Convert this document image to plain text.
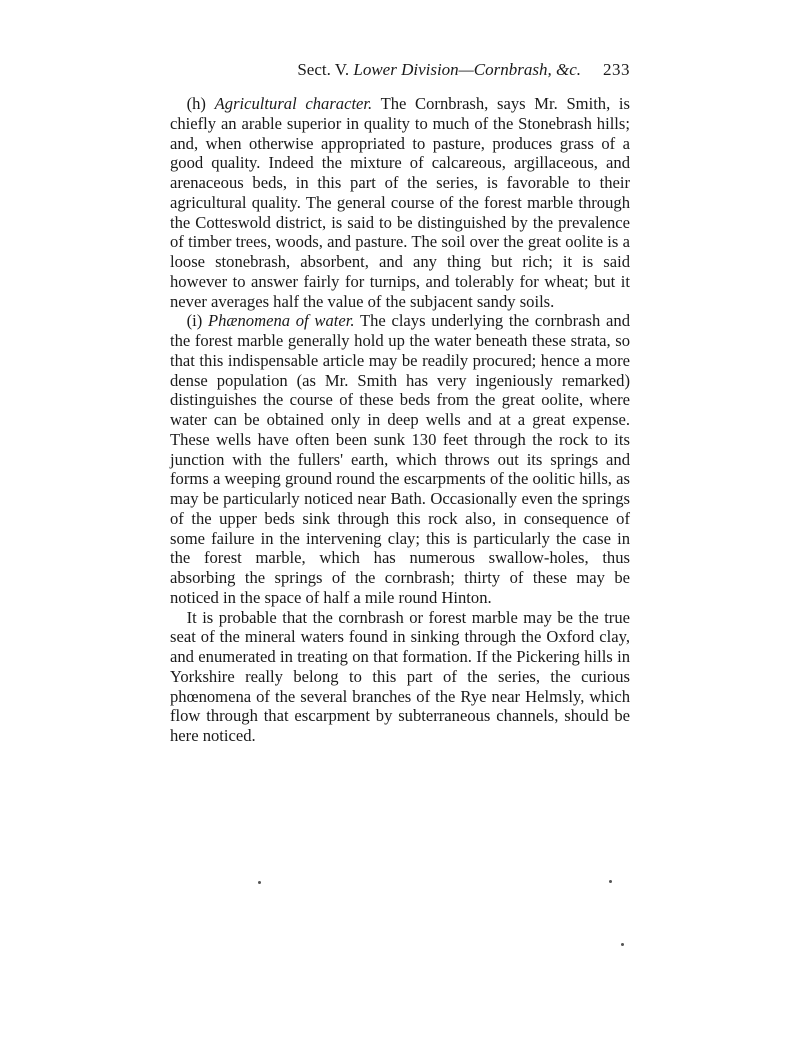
Sect. V. Lower Division—Cornbrash, &c. 233

 (h) Agricultural character. The Cornbrash, says Mr. Smith, is chiefly an arable superior in quality to much of the Stonebrash hills; and, when otherwise appropriated to pasture, produces grass of a good quality. Indeed the mixture of calcareous, argillaceous, and arenaceous beds, in this part of the series, is favorable to their agricultural quality. The general course of the forest marble through the Cotteswold district, is said to be distinguished by the prevalence of timber trees, woods, and pasture. The soil over the great oolite is a loose stonebrash, absorbent, and any thing but rich; it is said however to answer fairly for turnips, and tolerably for wheat; but it never averages half the value of the subjacent sandy soils.

 (i) Phænomena of water. The clays underlying the cornbrash and the forest marble generally hold up the water beneath these strata, so that this indispensable article may be readily procured; hence a more dense population (as Mr. Smith has very ingeniously remarked) distinguishes the course of these beds from the great oolite, where water can be obtained only in deep wells and at a great expense. These wells have often been sunk 130 feet through the rock to its junction with the fullers' earth, which throws out its springs and forms a weeping ground round the escarpments of the oolitic hills, as may be particularly noticed near Bath. Occasionally even the springs of the upper beds sink through this rock also, in consequence of some failure in the intervening clay; this is particularly the case in the forest marble, which has numerous swallow-holes, thus absorbing the springs of the cornbrash; thirty of these may be noticed in the space of half a mile round Hinton.

 It is probable that the cornbrash or forest marble may be the true seat of the mineral waters found in sinking through the Oxford clay, and enumerated in treating on that formation. If the Pickering hills in Yorkshire really belong to this part of the series, the curious phœnomena of the several branches of the Rye near Helmsly, which flow through that escarpment by subterraneous channels, should be here noticed.
